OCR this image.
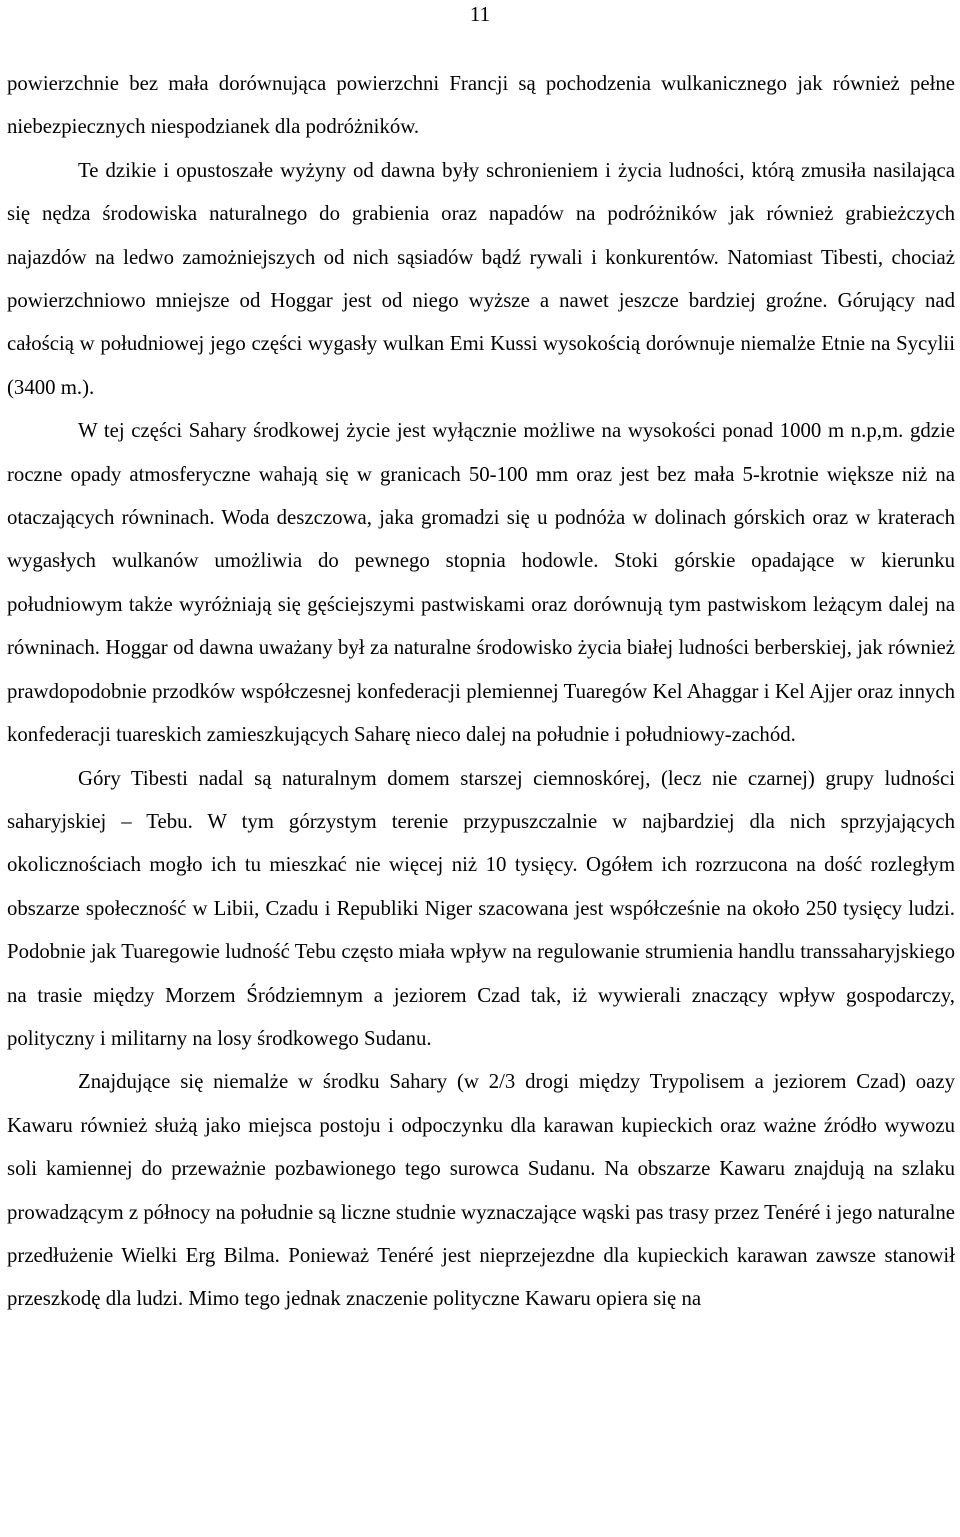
11

powierzchnie bez mała dorównująca powierzchni Francji są pochodzenia wulkanicznego jak również pełne niebezpiecznych niespodzianek dla podróżników.

Te dzikie i opustoszałe wyżyny od dawna były schronieniem i życia ludności, którą zmusiła nasilająca się nędza środowiska naturalnego do grabienia oraz napadów na podróżników jak również grabieżczych najazdów na ledwo zamożniejszych od nich sąsiadów bądź rywali i konkurentów. Natomiast Tibesti, chociaż powierzchniowo mniejsze od Hoggar jest od niego wyższe a nawet jeszcze bardziej groźne. Górujący nad całością w południowej jego części wygasły wulkan Emi Kussi wysokością dorównuje niemalże Etnie na Sycylii (3400 m.).

W tej części Sahary środkowej życie jest wyłącznie możliwe na wysokości ponad 1000 m n.p,m. gdzie roczne opady atmosferyczne wahają się w granicach 50-100 mm oraz jest bez mała 5-krotnie większe niż na otaczających równinach. Woda deszczowa, jaka gromadzi się u podnóża w dolinach górskich oraz w kraterach wygasłych wulkanów umożliwia do pewnego stopnia hodowle. Stoki górskie opadające w kierunku południowym także wyróżniają się gęściejszymi pastwiskami oraz dorównują tym pastwiskom leżącym dalej na równinach. Hoggar od dawna uważany był za naturalne środowisko życia białej ludności berberskiej, jak również prawdopodobnie przodków współczesnej konfederacji plemiennej Tuaregów Kel Ahaggar i Kel Ajjer oraz innych konfederacji tuareskich zamieszkujących Saharę nieco dalej na południe i południowy-zachód.

Góry Tibesti nadal są naturalnym domem starszej ciemnoskórej, (lecz nie czarnej) grupy ludności saharyjskiej – Tebu. W tym górzystym terenie przypuszczalnie w najbardziej dla nich sprzyjających okolicznościach mogło ich tu mieszkać nie więcej niż 10 tysięcy. Ogółem ich rozrzucona na dość rozległym obszarze społeczność w Libii, Czadu i Republiki Niger szacowana jest współcześnie na około 250 tysięcy ludzi. Podobnie jak Tuaregowie ludność Tebu często miała wpływ na regulowanie strumienia handlu transsaharyjskiego na trasie między Morzem Śródziemnym a jeziorem Czad tak, iż wywierali znaczący wpływ gospodarczy, polityczny i militarny na losy środkowego Sudanu.

Znajdujące się niemalże w środku Sahary (w 2/3 drogi między Trypolisem a jeziorem Czad) oazy Kawaru również służą jako miejsca postoju i odpoczynku dla karawan kupieckich oraz ważne źródło wywozu soli kamiennej do przeważnie pozbawionego tego surowca Sudanu. Na obszarze Kawaru znajdują na szlaku prowadzącym z północy na południe są liczne studnie wyznaczające wąski pas trasy przez Tenéré i jego naturalne przedłużenie Wielki Erg Bilma. Ponieważ Tenéré jest nieprzejezdne dla kupieckich karawan zawsze stanowił przeszkodę dla ludzi. Mimo tego jednak znaczenie polityczne Kawaru opiera się na
